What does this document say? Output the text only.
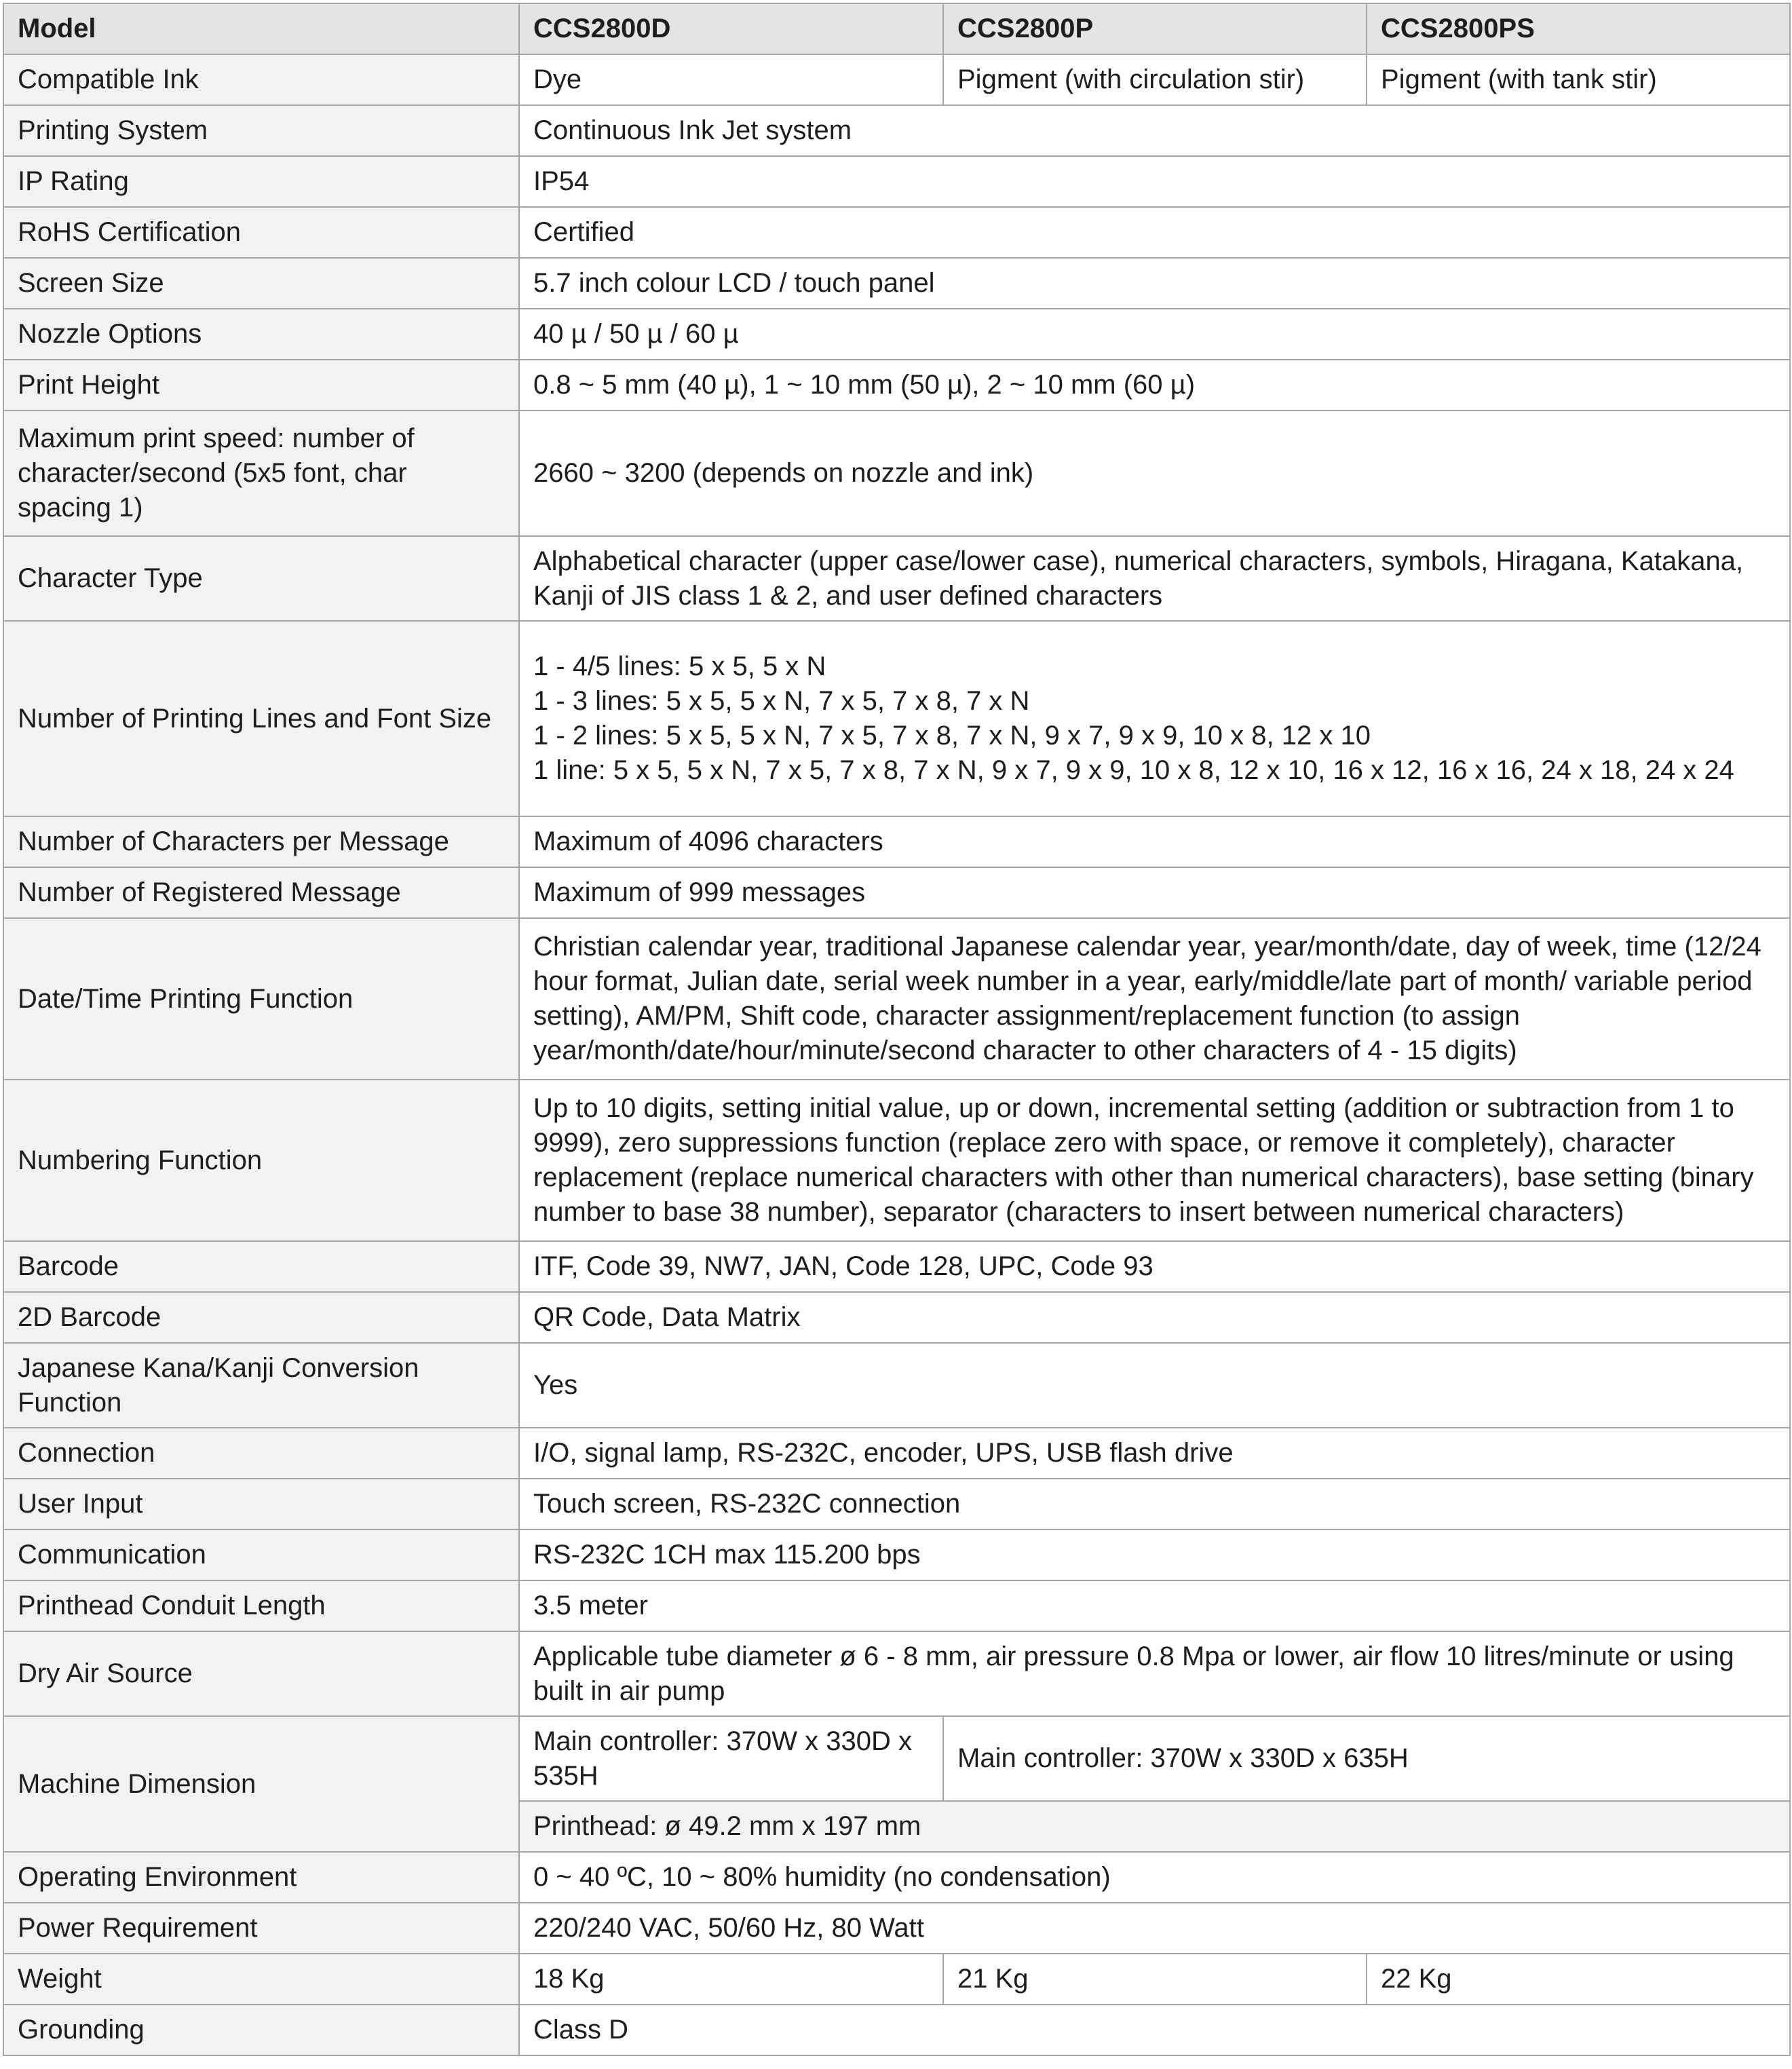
Model	CCS2800D	CCS2800P	CCS2800PS
Compatible Ink	Dye	Pigment (with circulation stir)	Pigment (with tank stir)
Printing System	Continuous Ink Jet system		
IP Rating	IP54		
RoHS Certification	Certified		
Screen Size	5.7 inch colour LCD / touch panel		
Nozzle Options	40 µ / 50 µ / 60 µ		
Print Height	0.8 ~ 5 mm (40 µ), 1 ~ 10 mm (50 µ), 2 ~ 10 mm (60 µ)		
Maximum print speed: number of character/second (5x5 font, char spacing 1)	2660 ~ 3200 (depends on nozzle and ink)		
Character Type	Alphabetical character (upper case/lower case), numerical characters, symbols, Hiragana, Katakana, Kanji of JIS class 1 & 2, and user defined characters		
Number of Printing Lines and Font Size	1 - 4/5 lines: 5 x 5, 5 x N
1 - 3 lines: 5 x 5, 5 x N, 7 x 5, 7 x 8, 7 x N
1 - 2 lines: 5 x 5, 5 x N, 7 x 5, 7 x 8, 7 x N, 9 x 7, 9 x 9, 10 x 8, 12 x 10
1 line: 5 x 5, 5 x N, 7 x 5, 7 x 8, 7 x N, 9 x 7, 9 x 9, 10 x 8, 12 x 10, 16 x 12, 16 x 16, 24 x 18, 24 x 24		

Number of Characters per Message	Maximum of 4096 characters		
Number of Registered Message	Maximum of 999 messages		
Date/Time Printing Function	Christian calendar year, traditional Japanese calendar year, year/month/date, day of week, time (12/24 hour format, Julian date, serial week number in a year, early/middle/late part of month/ variable period setting), AM/PM, Shift code, character assignment/replacement function (to assign year/month/date/hour/minute/second character to other characters of 4 - 15 digits)		
Numbering Function	Up to 10 digits, setting initial value, up or down, incremental setting (addition or subtraction from 1 to 9999), zero suppressions function (replace zero with space, or remove it completely), character replacement (replace numerical characters with other than numerical characters), base setting (binary number to base 38 number), separator (characters to insert between numerical characters)		
Barcode	ITF, Code 39, NW7, JAN, Code 128, UPC, Code 93		
2D Barcode	QR Code, Data Matrix		
Japanese Kana/Kanji Conversion Function	Yes		
Connection	I/O, signal lamp, RS-232C, encoder, UPS, USB flash drive		
User Input	Touch screen, RS-232C connection		
Communication	RS-232C 1CH max 115.200 bps		
Printhead Conduit Length	3.5 meter		
Dry Air Source	Applicable tube diameter ø 6 - 8 mm, air pressure 0.8 Mpa or lower, air flow 10 litres/minute or using built in air pump		
Machine Dimension	Main controller: 370W x 330D x 535H	Main controller: 370W x 330D x 635H	
	Printhead: ø 49.2 mm x 197 mm		
Operating Environment	0 ~ 40 ºC, 10 ~ 80% humidity (no condensation)		
Power Requirement	220/240 VAC, 50/60 Hz, 80 Watt		
Weight	18 Kg	21 Kg	22 Kg
Grounding	Class D		
